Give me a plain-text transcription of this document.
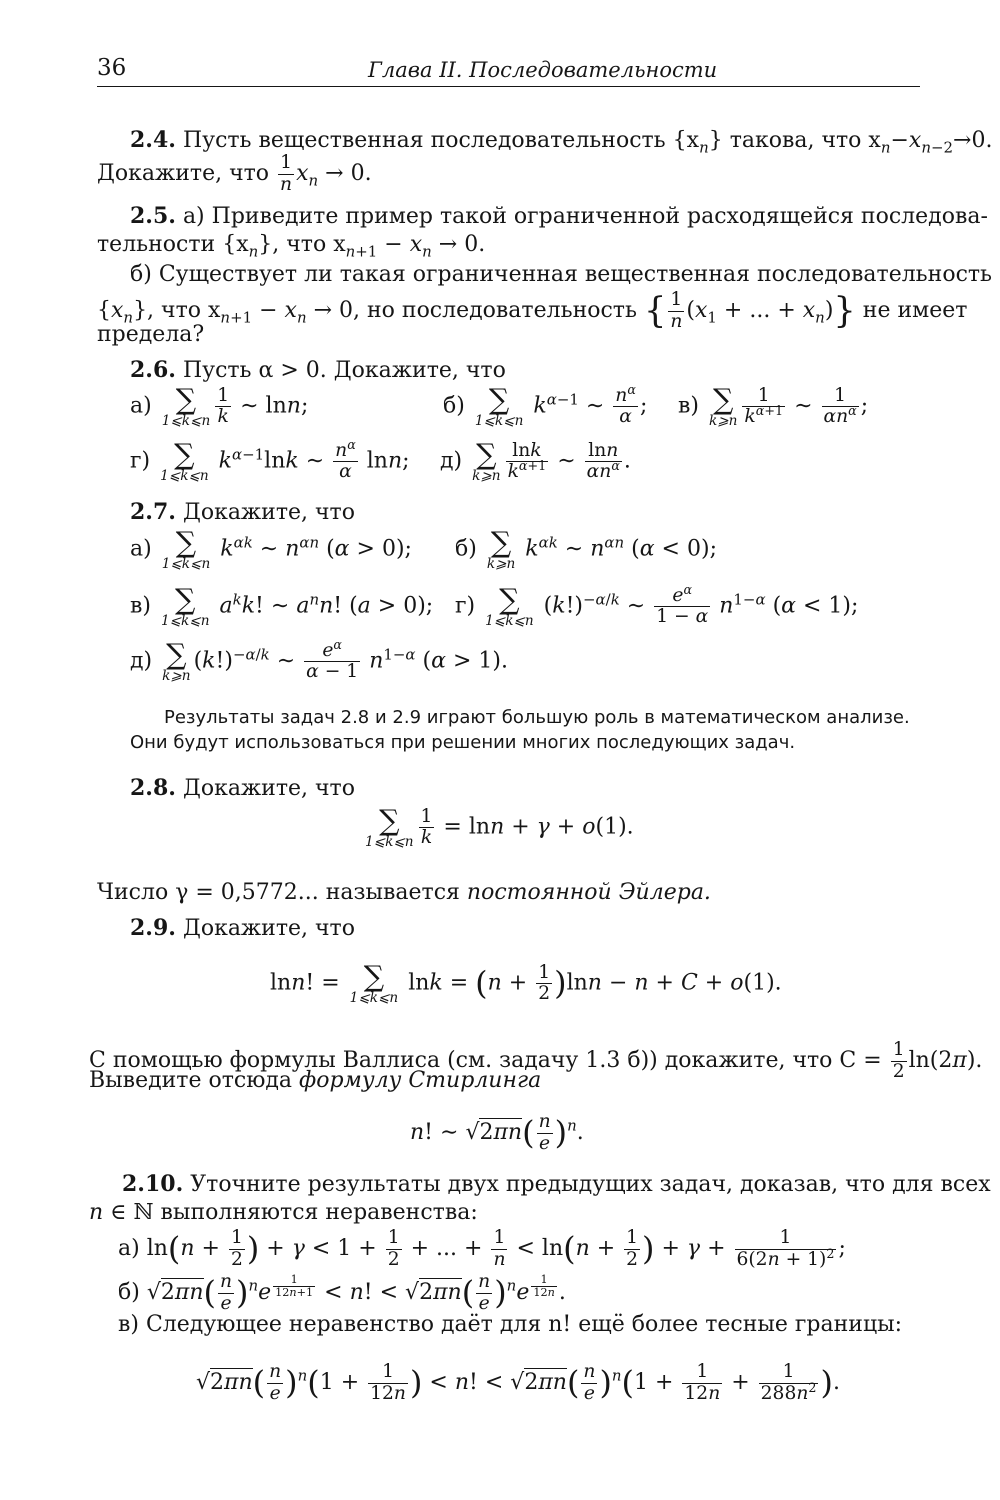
36	Глава II. Последовательности
2.4. Пусть вещественная последовательность $\{x_n\}$ такова, что $x_n-x_{n-2}\to 0$.
Докажите, что $\frac{1}{n} x_n \to 0$.
2.5. а) Приведите пример такой ограниченной расходящейся последова-
тельности $\{x_n\}$, что $x_{n+1} - x_n \to 0$.
б) Существует ли такая ограниченная вещественная последовательность
$\{x_n\}$, что $x_{n+1} - x_n \to 0$, но последовательность { $\frac{1}{n} (x_1$ + ... + $x_n$)} не имеет
предела?
2.6. Пусть α > 0. Докажите, что
а) ∑
1⩽k⩽n $\frac{1}{k}$ ∼ lnn;	б) ∑
1⩽k⩽n
$k^{\alpha-1}$ ∼ $\frac{n^\alpha}{\alpha}$ ; в) ∑
k⩾n $\frac{1}{k^{\alpha+1}}$ ∼ $\frac{1}{\alpha n^\alpha}$ ;
г) ∑
1⩽k⩽n
$k^{\alpha-1}\ln k$ ∼ $\frac{n^\alpha}{\alpha} \ln n$; д) ∑
k⩾n $\frac{\ln k}{k^{\alpha+1}}$ ∼ $\frac{\ln n}{\alpha n^\alpha}$ .
2.7. Докажите, что
а) ∑
1⩽k⩽n
$k^{\alpha k}$ ∼ $n^{\alpha n}$ (α > 0); б) ∑
k⩾n
$k^{\alpha k}$ ∼ $n^{\alpha n}$ (α < 0);
в) ∑
1⩽k⩽n
$a^kk$! ∼ $a^nn$! (a > 0); г) ∑
1⩽k⩽n
$(k!)^{-\alpha/k}$ ∼ $\frac{e^\alpha}{1 - \alpha} n^{1-\alpha}$ (α < 1);
д) ∑
k⩾n
$(k!)^{-\alpha/k}$ ∼ $\frac{e^\alpha}{\alpha - 1} n^{1-\alpha}$ (α > 1).
Результаты задач 2.8 и 2.9 играют большую роль в математическом анализе.
Они будут использоваться при решении многих последующих задач.
2.8. Докажите, что
∑
1⩽k⩽n $\frac{1}{k} = \ln n + \gamma + o(1)$.
Число γ = 0,5772... называется постоянной Эйлера.
2.9. Докажите, что
lnn! = ∑
1⩽k⩽n
$\ln k = (n + \frac{1}{2} )\ln n - n + C + o(1)$.
С помощью формулы Валлиса (см. задачу 1.3 б)) докажите, что $C = \frac{1}{2} \ln(2\pi)$.
Выведите отсюда формулу Стирлинга
n! ∼ $√2\pi n( \frac{n}{e} )^n$.
2.10. Уточните результаты двух предыдущих задач, доказав, что для всех
n ∈ ℕ выполняются неравенства:
а) $\ln(n + \frac{1}{2}$ ) + $\gamma < 1 + \frac{1}{2}$ + ... + $\frac{1}{n} < \ln(n + \frac{1}{2}$ ) + $\gamma + \frac{1}{6(2n + 1)^2}$ ;
б) $√2\pi n( \frac{n}{e} )^ne$ $^{\frac{1}{12n+1}}$ < n! < $√2\pi n( \frac{n}{e} )^ne$ $^{\frac{1}{12n}}$ .
в) Следующее неравенство даёт для n! ещё более тесные границы:
$√2\pi n( \frac{n}{e} )^n(1 + \frac{1}{12n}$ ) < n! < $√2\pi n( \frac{n}{e} )^n(1 + \frac{1}{12n} + \frac{1}{288n^2}$ ).
